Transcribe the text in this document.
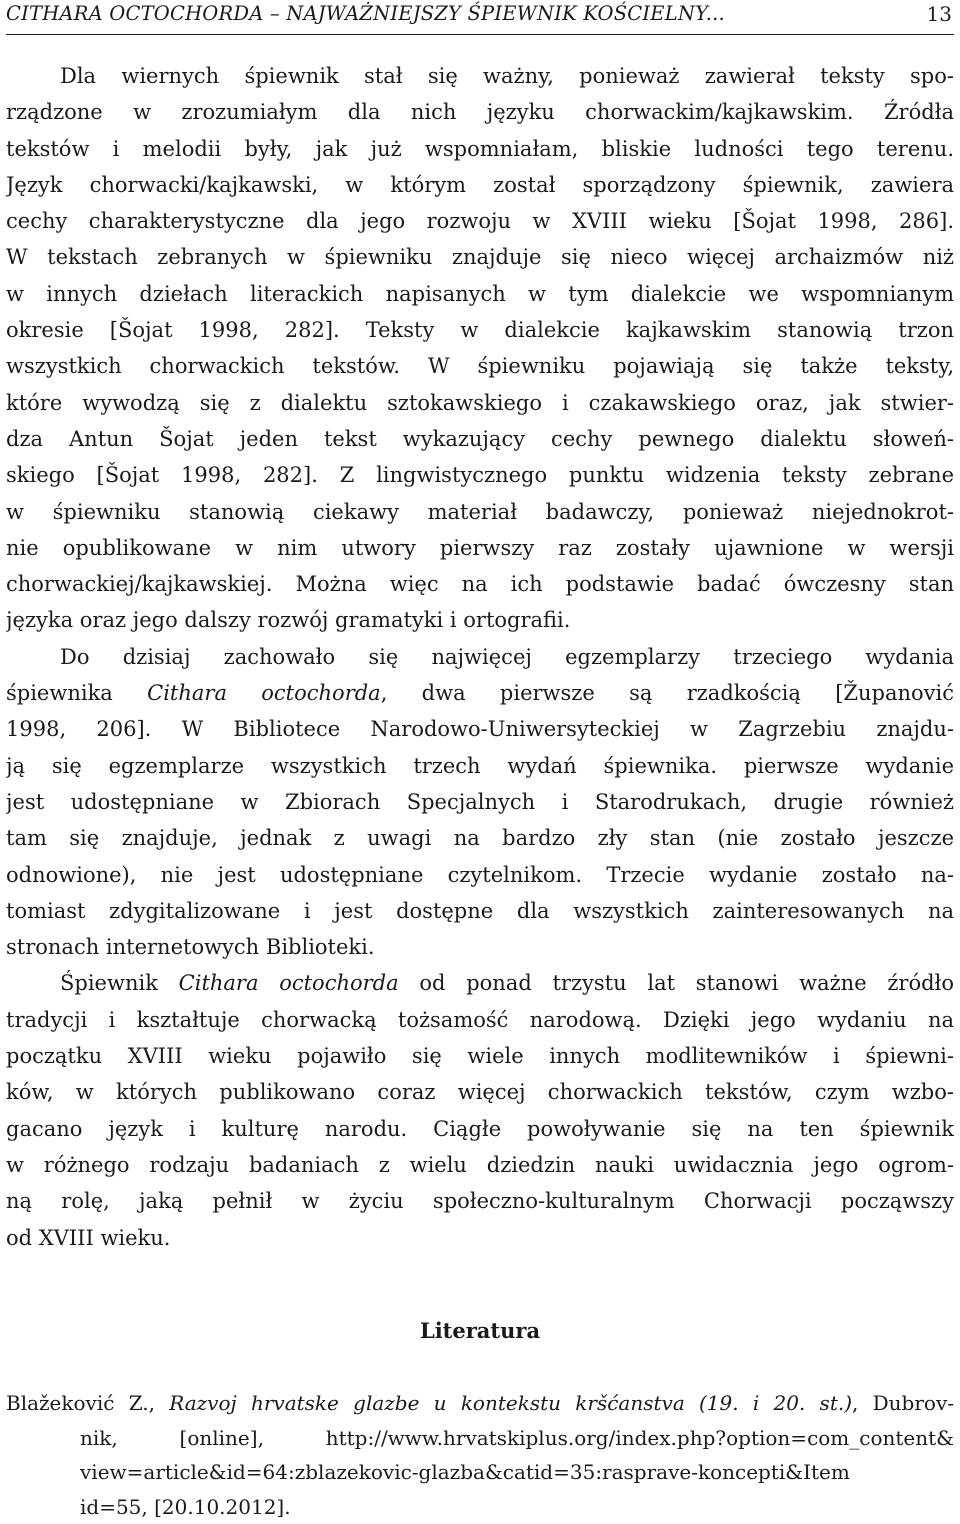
CITHARA OCTOCHORDA – NAJWAŻNIEJSZY ŚPIEWNIK KOŚCIELNY...	13
Dla wiernych śpiewnik stał się ważny, ponieważ zawierał teksty spo-
rządzone w zrozumiałym dla nich języku chorwackim/kajkawskim. Źródła
tekstów i melodii były, jak już wspomniałam, bliskie ludności tego terenu.
Język chorwacki/kajkawski, w którym został sporządzony śpiewnik, zawiera
cechy charakterystyczne dla jego rozwoju w XVIII wieku [Šojat 1998, 286].
W tekstach zebranych w śpiewniku znajduje się nieco więcej archaizmów niż
w innych dziełach literackich napisanych w tym dialekcie we wspomnianym
okresie [Šojat 1998, 282]. Teksty w dialekcie kajkawskim stanowią trzon
wszystkich chorwackich tekstów. W śpiewniku pojawiają się także teksty,
które wywodzą się z dialektu sztokawskiego i czakawskiego oraz, jak stwier-
dza Antun Šojat jeden tekst wykazujący cechy pewnego dialektu słoweń-
skiego [Šojat 1998, 282]. Z lingwistycznego punktu widzenia teksty zebrane
w śpiewniku stanowią ciekawy materiał badawczy, ponieważ niejednokrot-
nie opublikowane w nim utwory pierwszy raz zostały ujawnione w wersji
chorwackiej/kajkawskiej. Można więc na ich podstawie badać ówczesny stan
języka oraz jego dalszy rozwój gramatyki i ortografii.
Do dzisiaj zachowało się najwięcej egzemplarzy trzeciego wydania
śpiewnika Cithara octochorda, dwa pierwsze są rzadkością [Županović
1998, 206]. W Bibliotece Narodowo-Uniwersyteckiej w Zagrzebiu znajdu-
ją się egzemplarze wszystkich trzech wydań śpiewnika. pierwsze wydanie
jest udostępniane w Zbiorach Specjalnych i Starodrukach, drugie również
tam się znajduje, jednak z uwagi na bardzo zły stan (nie zostało jeszcze
odnowione), nie jest udostępniane czytelnikom. Trzecie wydanie zostało na-
tomiast zdygitalizowane i jest dostępne dla wszystkich zainteresowanych na
stronach internetowych Biblioteki.
Śpiewnik Cithara octochorda od ponad trzystu lat stanowi ważne źródło
tradycji i kształtuje chorwacką tożsamość narodową. Dzięki jego wydaniu na
początku XVIII wieku pojawiło się wiele innych modlitewników i śpiewni-
ków, w których publikowano coraz więcej chorwackich tekstów, czym wzbo-
gacano język i kulturę narodu. Ciągłe powoływanie się na ten śpiewnik
w różnego rodzaju badaniach z wielu dziedzin nauki uwidacznia jego ogrom-
ną rolę, jaką pełnił w życiu społeczno-kulturalnym Chorwacji począwszy
od XVIII wieku.
Literatura
Blažeković Z., Razvoj hrvatske glazbe u kontekstu kršćanstva (19. i 20. st.), Dubrov-
nik, [online], http://www.hrvatskiplus.org/index.php?option=com_content&
view=article&id=64:zblazekovic-glazba&catid=35:rasprave-koncepti&Item
id=55, [20.10.2012].
